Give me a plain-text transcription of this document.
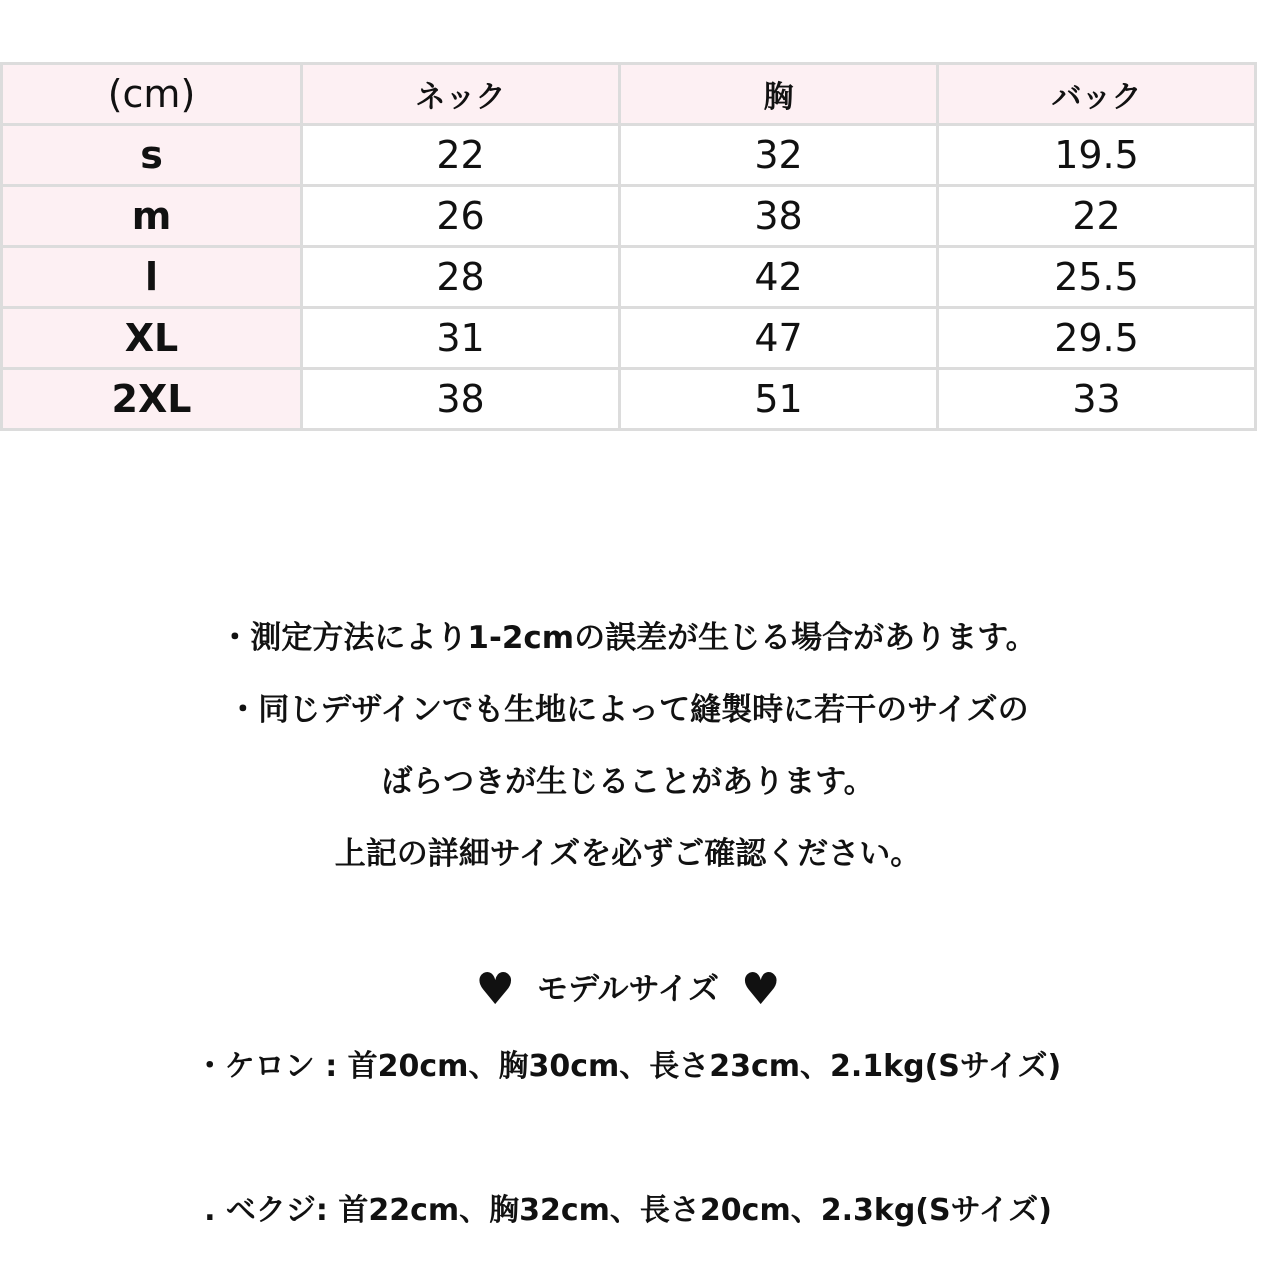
(cm)	ネック	胸	バック
s	22	32	19.5
m	26	38	22
l	28	42	25.5
XL	31	47	29.5
2XL	38	51	33
・測定方法により1-2cmの誤差が生じる場合があります。
・同じデザインでも生地によって縫製時に若干のサイズの
ばらつきが生じることがあります。
上記の詳細サイズを必ずご確認ください。
♥ モデルサイズ ♥
・ケロン : 首20cm、胸30cm、長さ23cm、2.1kg(Sサイズ)
. ベクジ: 首22cm、胸32cm、長さ20cm、2.3kg(Sサイズ)
